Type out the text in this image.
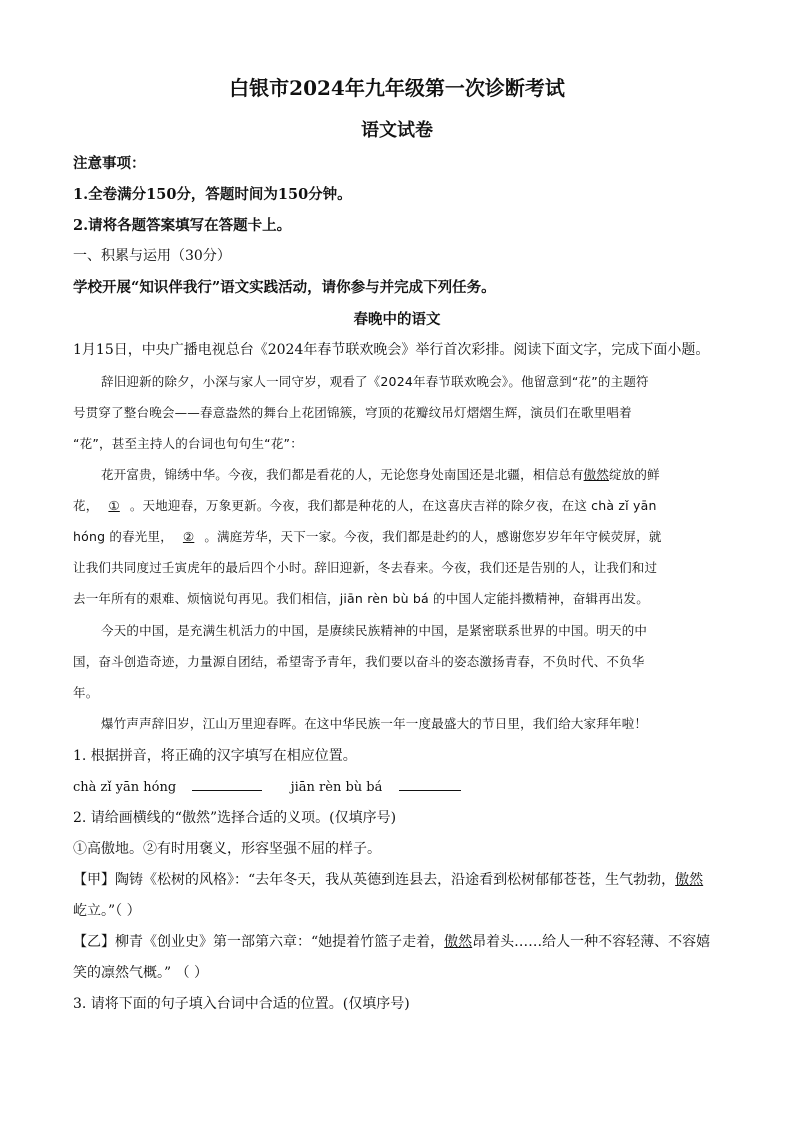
白银市2024年九年级第一次诊断考试
语文试卷
注意事项：
1.全卷满分150分，答题时间为150分钟。
2.请将各题答案填写在答题卡上。
一、积累与运用（30分）
学校开展“知识伴我行”语文实践活动，请你参与并完成下列任务。
春晚中的语文
1月15日，中央广播电视总台《2024年春节联欢晚会》举行首次彩排。阅读下面文字，完成下面小题。
辞旧迎新的除夕，小深与家人一同守岁，观看了《2024年春节联欢晚会》。他留意到“花”的主题符
号贯穿了整台晚会——春意盎然的舞台上花团锦簇，穹顶的花瓣纹吊灯熠熠生辉，演员们在歌里唱着
“花”，甚至主持人的台词也句句生“花”：
花开富贵，锦绣中华。今夜，我们都是看花的人，无论您身处南国还是北疆，相信总有傲然绽放的鲜
花， ① 。天地迎春，万象更新。今夜，我们都是种花的人，在这喜庆吉祥的除夕夜，在这 chà zǐ yān
hóng 的春光里， ② 。满庭芳华，天下一家。今夜，我们都是赴约的人，感谢您岁岁年年守候荧屏，就
让我们共同度过壬寅虎年的最后四个小时。辞旧迎新，冬去春来。今夜，我们还是告别的人，让我们和过
去一年所有的艰难、烦恼说句再见。我们相信，jiān rèn bù bá 的中国人定能抖擞精神，奋辑再出发。
今天的中国，是充满生机活力的中国，是赓续民族精神的中国，是紧密联系世界的中国。明天的中
国，奋斗创造奇迹，力量源自团结，希望寄予青年，我们要以奋斗的姿态激扬青春，不负时代、不负华
年。
爆竹声声辞旧岁，江山万里迎春晖。在这中华民族一年一度最盛大的节日里，我们给大家拜年啦！
1. 根据拼音，将正确的汉字填写在相应位置。
chà zǐ yān hóng	jiān rèn bù bá
2. 请给画横线的“傲然”选择合适的义项。(仅填序号)
①高傲地。②有时用褒义，形容坚强不屈的样子。
【甲】陶铸《松树的风格》：“去年冬天，我从英德到连县去，沿途看到松树郁郁苍苍，生气勃勃，傲然
屹立。”（ ）
【乙】柳青《创业史》第一部第六章：“她提着竹篮子走着，傲然昂着头……给人一种不容轻薄、不容嬉
笑的凛然气概。” （ ）
3. 请将下面的句子填入台词中合适的位置。(仅填序号)
